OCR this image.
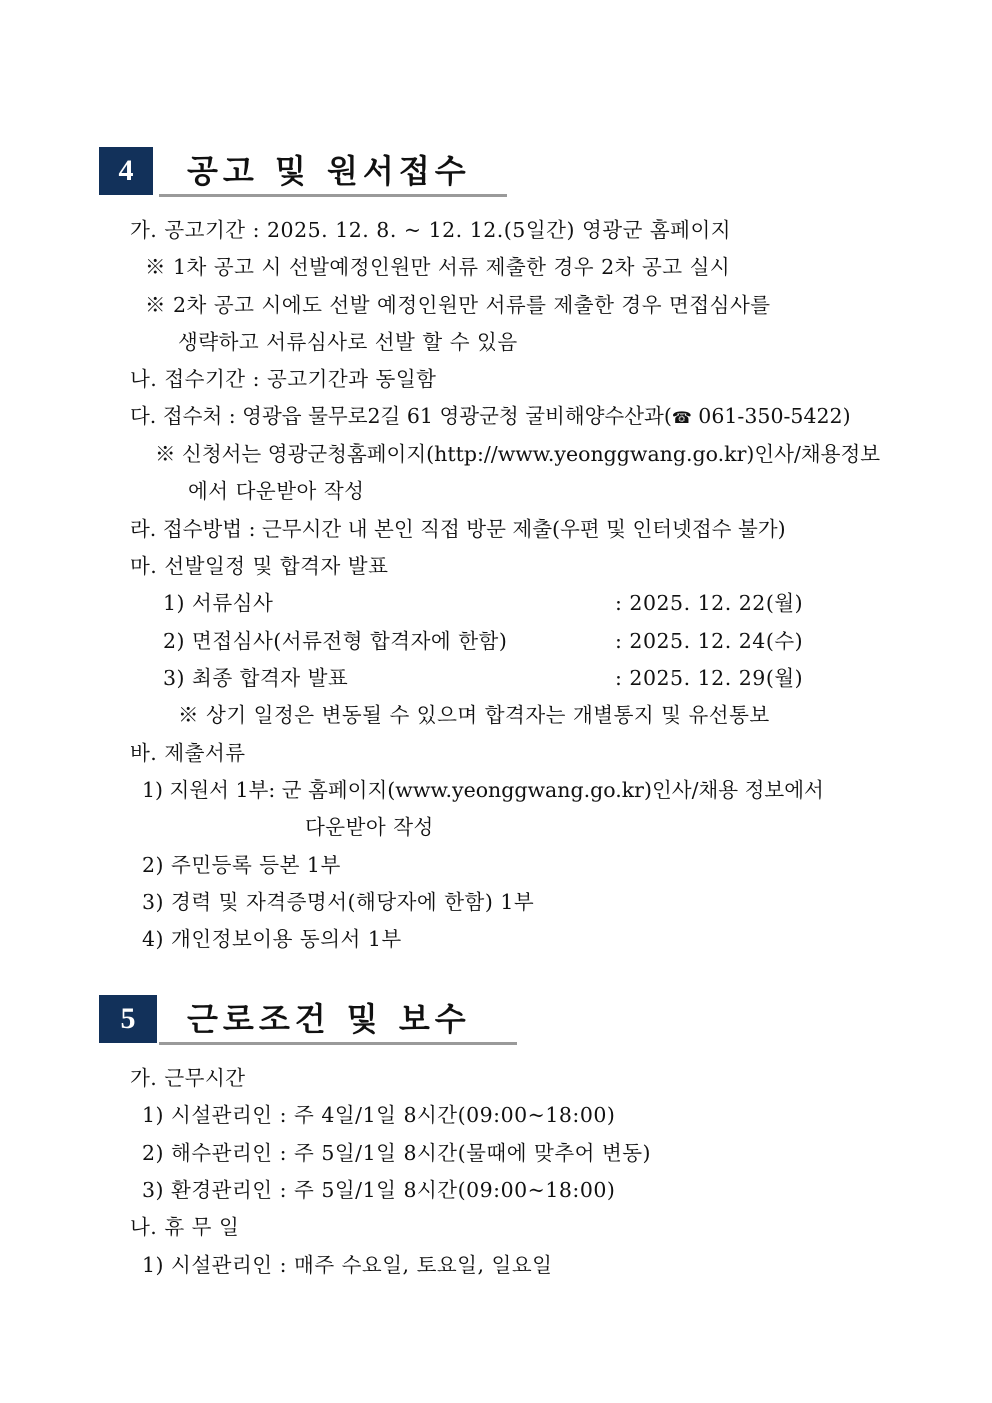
4	공고 및 원서접수
가. 공고기간 : 2025. 12. 8. ~ 12. 12.(5일간) 영광군 홈페이지
※ 1차 공고 시 선발예정인원만 서류 제출한 경우 2차 공고 실시
※ 2차 공고 시에도 선발 예정인원만 서류를 제출한 경우 면접심사를
생략하고 서류심사로 선발 할 수 있음
나. 접수기간 : 공고기간과 동일함
다. 접수처 : 영광읍 물무로2길 61 영광군청 굴비해양수산과(☎ 061-350-5422)
※ 신청서는 영광군청홈페이지(http://www.yeonggwang.go.kr)인사/채용정보
에서 다운받아 작성
라. 접수방법 : 근무시간 내 본인 직접 방문 제출(우편 및 인터넷접수 불가)
마. 선발일정 및 합격자 발표
1) 서류심사	: 2025. 12. 22(월)
2) 면접심사(서류전형 합격자에 한함)	: 2025. 12. 24(수)
3) 최종 합격자 발표	: 2025. 12. 29(월)
※ 상기 일정은 변동될 수 있으며 합격자는 개별통지 및 유선통보
바. 제출서류
1) 지원서 1부: 군 홈페이지(www.yeonggwang.go.kr)인사/채용 정보에서
다운받아 작성
2) 주민등록 등본 1부
3) 경력 및 자격증명서(해당자에 한함) 1부
4) 개인정보이용 동의서 1부
5	근로조건 및 보수
가. 근무시간
1) 시설관리인 : 주 4일/1일 8시간(09:00~18:00)
2) 해수관리인 : 주 5일/1일 8시간(물때에 맞추어 변동)
3) 환경관리인 : 주 5일/1일 8시간(09:00~18:00)
나. 휴 무 일
1) 시설관리인 : 매주 수요일, 토요일, 일요일
